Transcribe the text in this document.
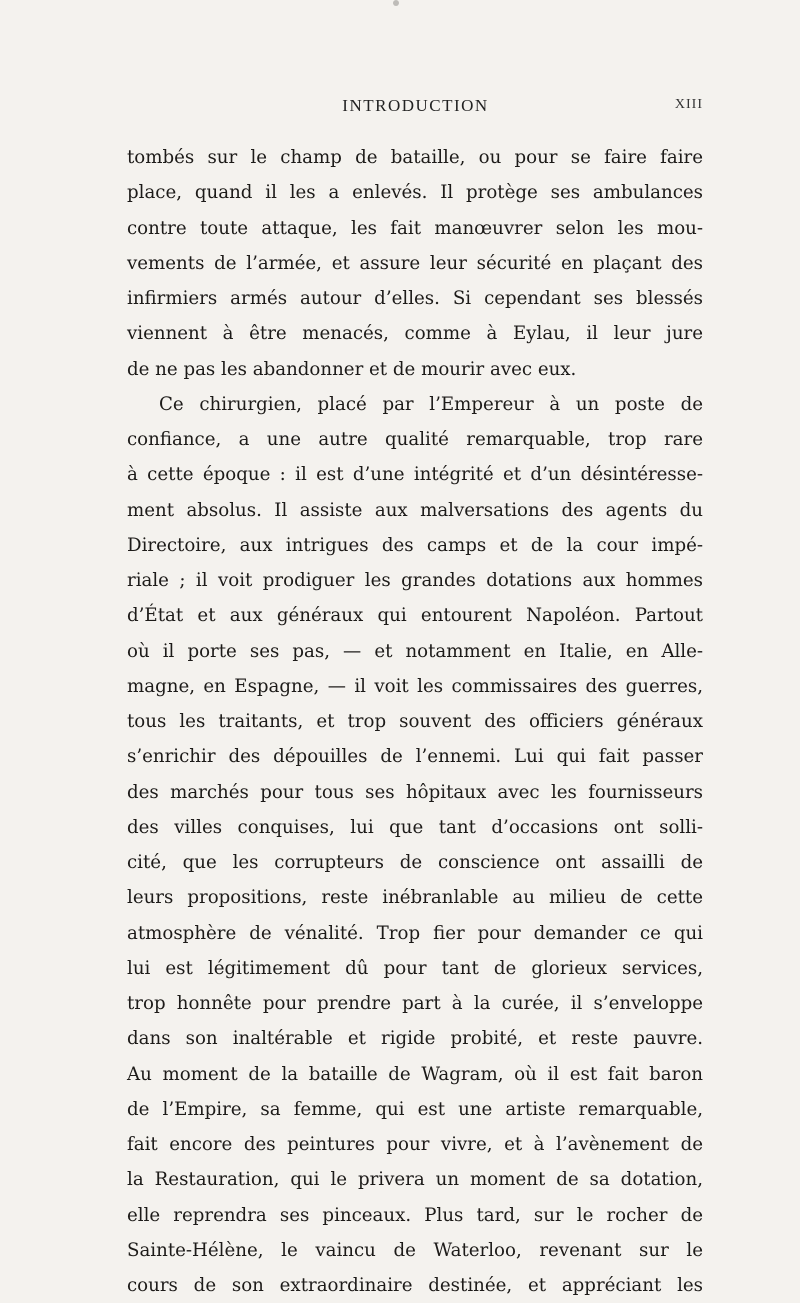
INTRODUCTION	XIII
tombés sur le champ de bataille, ou pour se faire faire
place, quand il les a enlevés. Il protège ses ambulances
contre toute attaque, les fait manœuvrer selon les mou-
vements de l’armée, et assure leur sécurité en plaçant des
infirmiers armés autour d’elles. Si cependant ses blessés
viennent à être menacés, comme à Eylau, il leur jure
de ne pas les abandonner et de mourir avec eux.
Ce chirurgien, placé par l’Empereur à un poste de
confiance, a une autre qualité remarquable, trop rare
à cette époque : il est d’une intégrité et d’un désintéresse-
ment absolus. Il assiste aux malversations des agents du
Directoire, aux intrigues des camps et de la cour impé-
riale ; il voit prodiguer les grandes dotations aux hommes
d’État et aux généraux qui entourent Napoléon. Partout
où il porte ses pas, — et notamment en Italie, en Alle-
magne, en Espagne, — il voit les commissaires des guerres,
tous les traitants, et trop souvent des officiers généraux
s’enrichir des dépouilles de l’ennemi. Lui qui fait passer
des marchés pour tous ses hôpitaux avec les fournisseurs
des villes conquises, lui que tant d’occasions ont solli-
cité, que les corrupteurs de conscience ont assailli de
leurs propositions, reste inébranlable au milieu de cette
atmosphère de vénalité. Trop fier pour demander ce qui
lui est légitimement dû pour tant de glorieux services,
trop honnête pour prendre part à la curée, il s’enveloppe
dans son inaltérable et rigide probité, et reste pauvre.
Au moment de la bataille de Wagram, où il est fait baron
de l’Empire, sa femme, qui est une artiste remarquable,
fait encore des peintures pour vivre, et à l’avènement de
la Restauration, qui le privera un moment de sa dotation,
elle reprendra ses pinceaux. Plus tard, sur le rocher de
Sainte-Hélène, le vaincu de Waterloo, revenant sur le
cours de son extraordinaire destinée, et appréciant les
